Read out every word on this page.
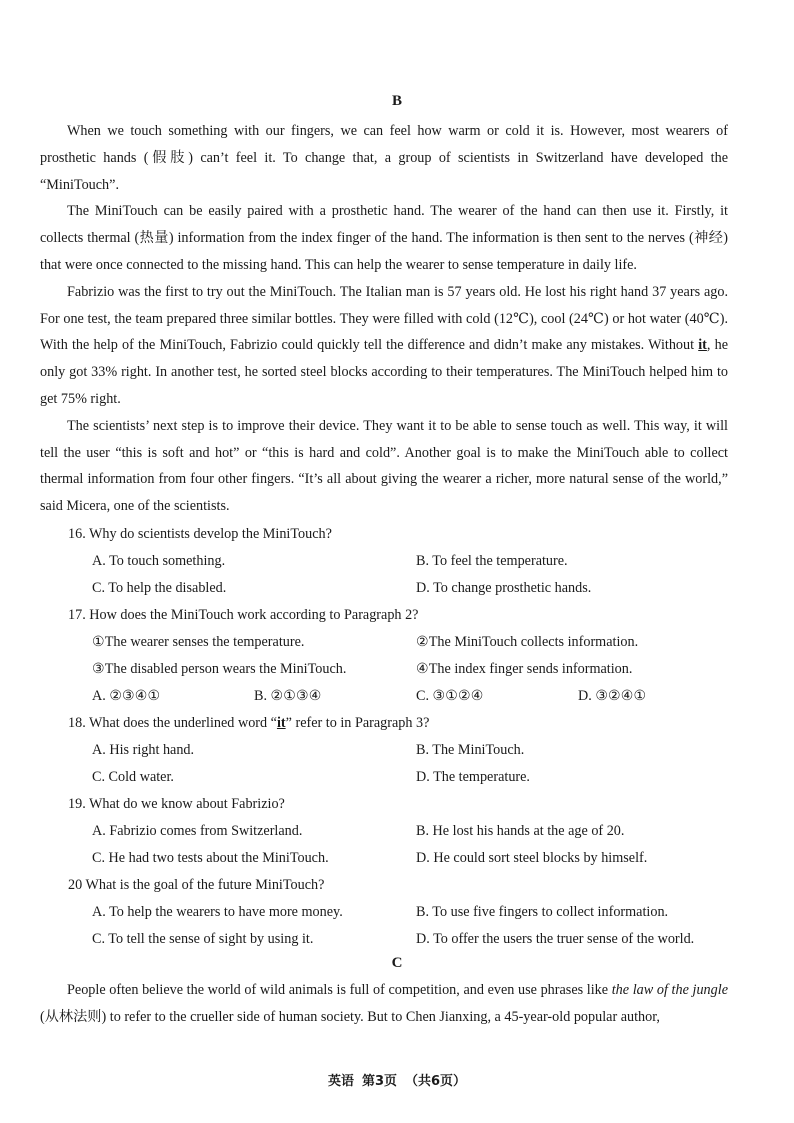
B

When we touch something with our fingers, we can feel how warm or cold it is. However, most wearers of prosthetic hands (假肢) can’t feel it. To change that, a group of scientists in Switzerland have developed the “MiniTouch”.

The MiniTouch can be easily paired with a prosthetic hand. The wearer of the hand can then use it. Firstly, it collects thermal (热量) information from the index finger of the hand. The information is then sent to the nerves (神经) that were once connected to the missing hand. This can help the wearer to sense temperature in daily life.

Fabrizio was the first to try out the MiniTouch. The Italian man is 57 years old. He lost his right hand 37 years ago. For one test, the team prepared three similar bottles. They were filled with cold (12℃), cool (24℃) or hot water (40℃). With the help of the MiniTouch, Fabrizio could quickly tell the difference and didn’t make any mistakes. Without it, he only got 33% right. In another test, he sorted steel blocks according to their temperatures. The MiniTouch helped him to get 75% right.

The scientists’ next step is to improve their device. They want it to be able to sense touch as well. This way, it will tell the user “this is soft and hot” or “this is hard and cold”. Another goal is to make the MiniTouch able to collect thermal information from four other fingers. “It’s all about giving the wearer a richer, more natural sense of the world,” said Micera, one of the scientists.

16. Why do scientists develop the MiniTouch?
A. To touch something.	B. To feel the temperature.
C. To help the disabled.	D. To change prosthetic hands.
17. How does the MiniTouch work according to Paragraph 2?
①The wearer senses the temperature.	②The MiniTouch collects information.
③The disabled person wears the MiniTouch.	④The index finger sends information.
A. ②③④①	B. ②①③④	C. ③①②④	D. ③②④①
18. What does the underlined word “it” refer to in Paragraph 3?
A. His right hand.	B. The MiniTouch.
C. Cold water.	D. The temperature.
19. What do we know about Fabrizio?
A. Fabrizio comes from Switzerland.	B. He lost his hands at the age of 20.
C. He had two tests about the MiniTouch.	D. He could sort steel blocks by himself.
20 What is the goal of the future MiniTouch?
A. To help the wearers to have more money.	B. To use five fingers to collect information.
C. To tell the sense of sight by using it.	D. To offer the users the truer sense of the world.
C

People often believe the world of wild animals is full of competition, and even use phrases like the law of the jungle (从林法则) to refer to the crueller side of human society. But to Chen Jianxing, a 45-year-old popular author,

英语 第3页 （共6页）
